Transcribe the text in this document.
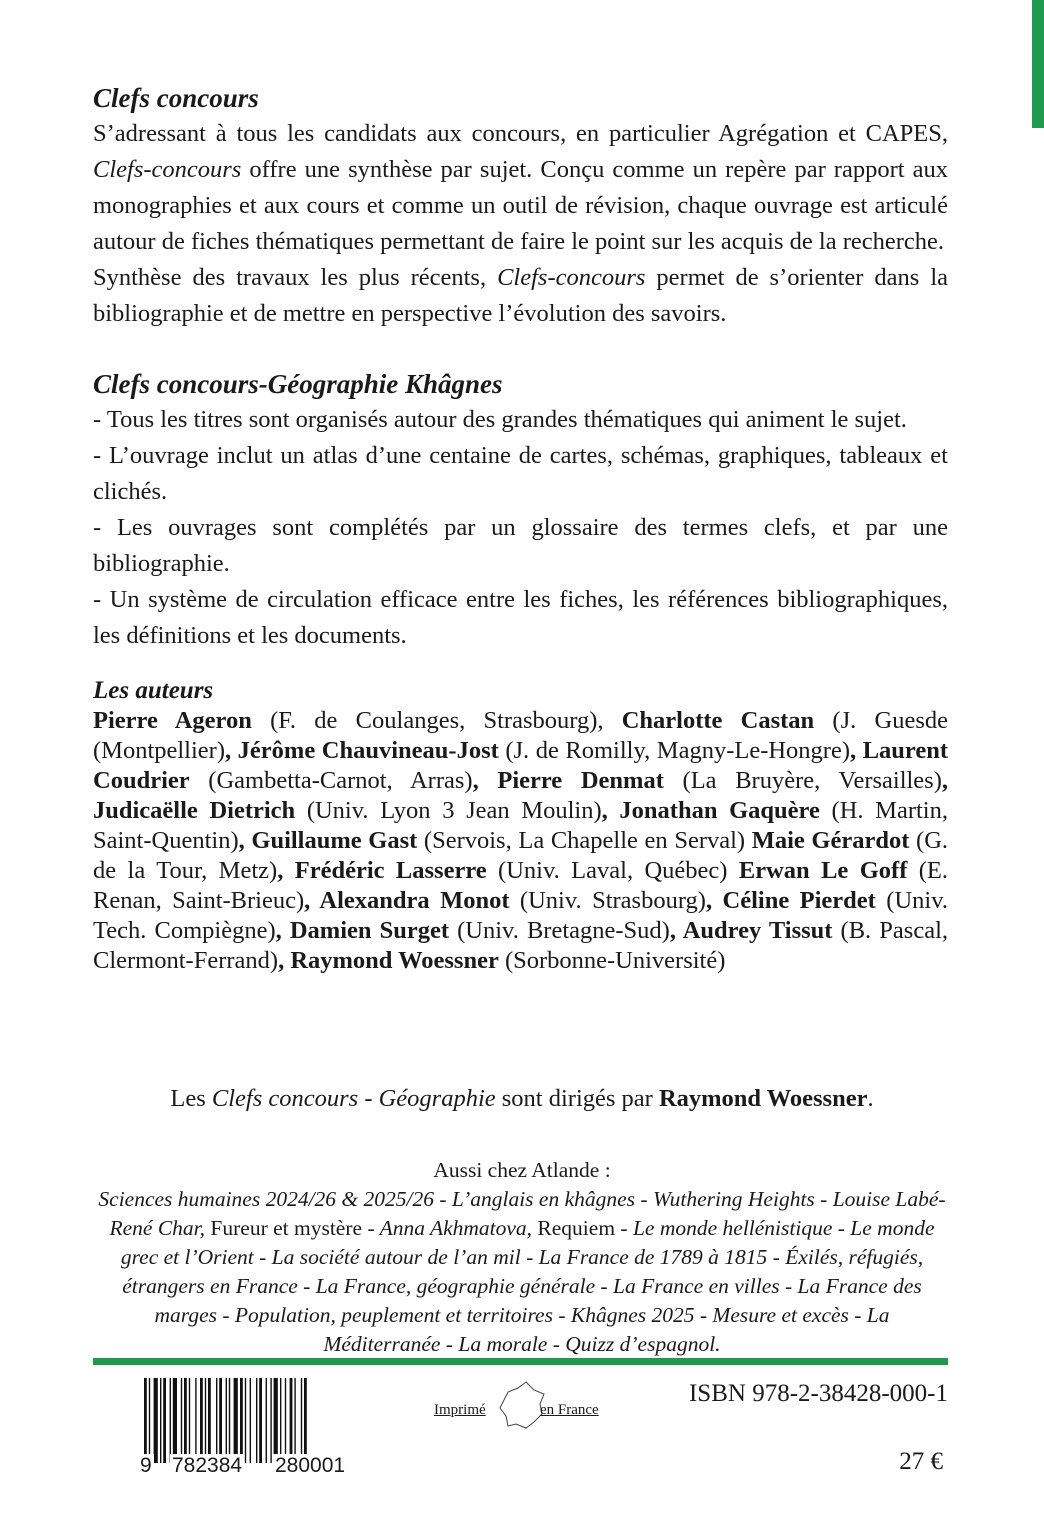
Clefs concours

S’adressant à tous les candidats aux concours, en particulier Agrégation et CAPES, Clefs-concours offre une synthèse par sujet. Conçu comme un repère par rapport aux monographies et aux cours et comme un outil de révision, chaque ouvrage est articulé autour de fiches thématiques permettant de faire le point sur les acquis de la recherche.

Synthèse des travaux les plus récents, Clefs-concours permet de s’orienter dans la bibliographie et de mettre en perspective l’évolution des savoirs.

Clefs concours-Géographie Khâgnes

- Tous les titres sont organisés autour des grandes thématiques qui animent le sujet.

- L’ouvrage inclut un atlas d’une centaine de cartes, schémas, graphiques, tableaux et clichés.

- Les ouvrages sont complétés par un glossaire des termes clefs, et par une bibliographie.

- Un système de circulation efficace entre les fiches, les références bibliographiques, les définitions et les documents.

Les auteurs

Pierre Ageron (F. de Coulanges, Strasbourg), Charlotte Castan (J. Guesde (Montpellier), Jérôme Chauvineau-Jost (J. de Romilly, Magny-Le-Hongre), Laurent Coudrier (Gambetta-Carnot, Arras), Pierre Denmat (La Bruyère, Versailles), Judicaëlle Dietrich (Univ. Lyon 3 Jean Moulin), Jonathan Gaquère (H. Martin, Saint-Quentin), Guillaume Gast (Servois, La Chapelle en Serval) Maie Gérardot (G. de la Tour, Metz), Frédéric Lasserre (Univ. Laval, Québec) Erwan Le Goff (E. Renan, Saint-Brieuc), Alexandra Monot (Univ. Strasbourg), Céline Pierdet (Univ. Tech. Compiègne), Damien Surget (Univ. Bretagne-Sud), Audrey Tissut (B. Pascal, Clermont-Ferrand), Raymond Woessner (Sorbonne-Université)

Les Clefs concours - Géographie sont dirigés par Raymond Woessner.
Aussi chez Atlande :
Sciences humaines 2024/26 & 2025/26 - L’anglais en khâgnes - Wuthering Heights - Louise Labé- René Char, Fureur et mystère - Anna Akhmatova, Requiem - Le monde hellénistique - Le monde grec et l’Orient - La société autour de l’an mil - La France de 1789 à 1815 - Éxilés, réfugiés, étrangers en France - La France, géographie générale - La France en villes - La France des marges - Population, peuplement et territoires - Khâgnes 2025 - Mesure et excès - La Méditerranée - La morale - Quizz d’espagnol.
9 782384 280001
Imprimé	en France
ISBN 978-2-38428-000-1
27 €
